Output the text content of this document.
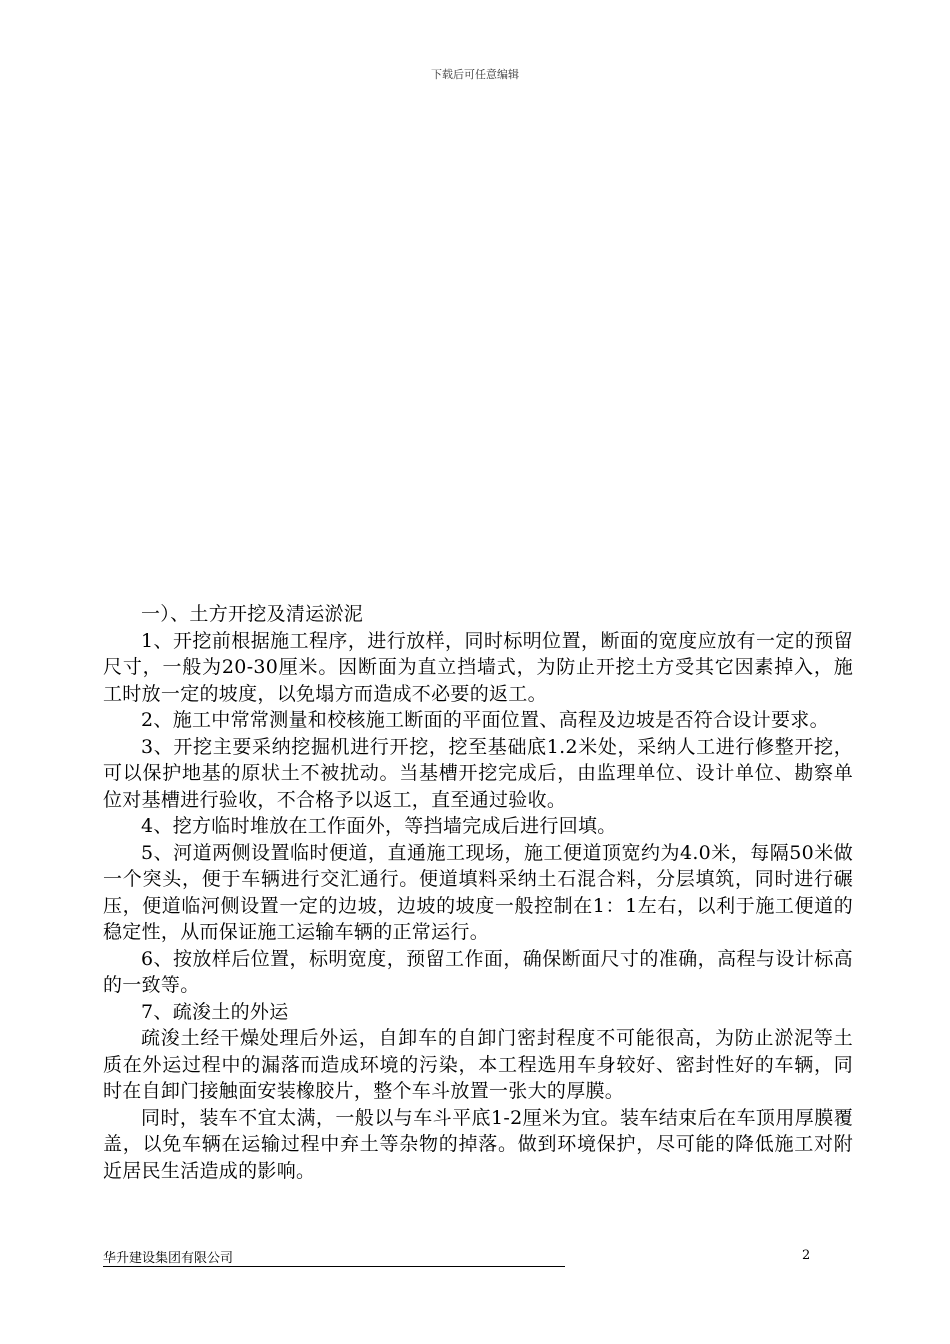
下载后可任意编辑

一）、土方开挖及清运淤泥

1、开挖前根据施工程序，进行放样，同时标明位置，断面的宽度应放有一定的预留尺寸，一般为20-30厘米。因断面为直立挡墙式，为防止开挖土方受其它因素掉入，施工时放一定的坡度，以免塌方而造成不必要的返工。

2、施工中常常测量和校核施工断面的平面位置、高程及边坡是否符合设计要求。

3、开挖主要采纳挖掘机进行开挖，挖至基础底1.2米处，采纳人工进行修整开挖，可以保护地基的原状土不被扰动。当基槽开挖完成后，由监理单位、设计单位、勘察单位对基槽进行验收，不合格予以返工，直至通过验收。

4、挖方临时堆放在工作面外，等挡墙完成后进行回填。

5、河道两侧设置临时便道，直通施工现场，施工便道顶宽约为4.0米，每隔50米做一个突头，便于车辆进行交汇通行。便道填料采纳土石混合料，分层填筑，同时进行碾压，便道临河侧设置一定的边坡，边坡的坡度一般控制在1：1左右，以利于施工便道的稳定性，从而保证施工运输车辆的正常运行。

6、按放样后位置，标明宽度，预留工作面，确保断面尺寸的准确，高程与设计标高的一致等。

7、疏浚土的外运

疏浚土经干燥处理后外运，自卸车的自卸门密封程度不可能很高，为防止淤泥等土质在外运过程中的漏落而造成环境的污染，本工程选用车身较好、密封性好的车辆，同时在自卸门接触面安装橡胶片，整个车斗放置一张大的厚膜。

同时，装车不宜太满，一般以与车斗平底1-2厘米为宜。装车结束后在车顶用厚膜覆盖，以免车辆在运输过程中弃土等杂物的掉落。做到环境保护，尽可能的降低施工对附近居民生活造成的影响。

华升建设集团有限公司	2
